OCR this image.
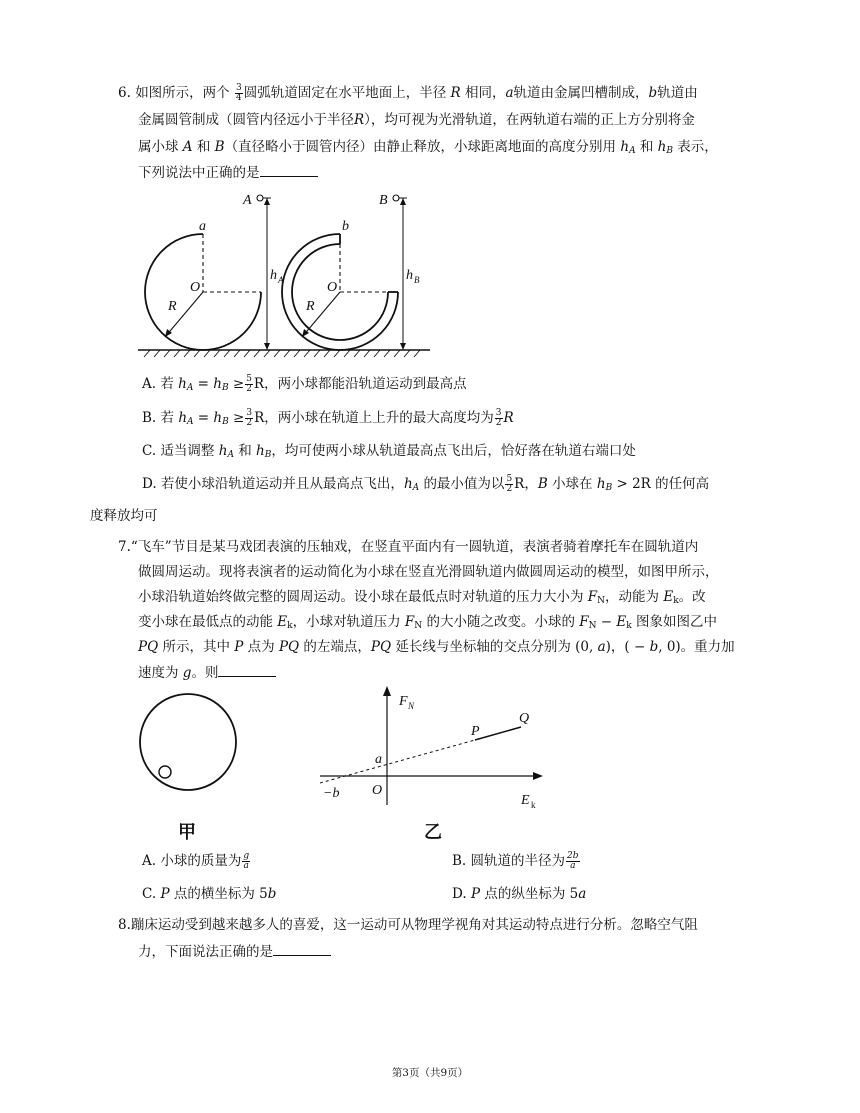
6. 如图所示，两个 $\frac{3}{4}$ 圆弧轨道固定在水平地面上，半径 R 相同，a轨道由金属凹槽制成，b轨道由
金属圆管制成（圆管内径远小于半径R），均可视为光滑轨道，在两轨道右端的正上方分别将金
属小球 A 和 B（直径略小于圆管内径）由静止释放，小球距离地面的高度分别用 $h_A$ 和 $h_B$ 表示，
下列说法中正确的是
A	B
a	b
O	O
R	R
h A	h B
A. 若 $h_A = h_B \ge \frac{5}{2}$ R，两小球都能沿轨道运动到最高点
B. 若 $h_A = h_B \ge \frac{3}{2}$ R，两小球在轨道上上升的最大高度均为 $\frac{3}{2}$ R
C. 适当调整 $h_A$ 和 $h_B$，均可使两小球从轨道最高点飞出后，恰好落在轨道右端口处
D. 若使小球沿轨道运动并且从最高点飞出，$h_A$ 的最小值为以 $\frac{5}{2}$ R，B 小球在 $h_B > 2R$ 的任何高
度释放均可
7.“飞车”节目是某马戏团表演的压轴戏，在竖直平面内有一圆轨道，表演者骑着摩托车在圆轨道内
做圆周运动。现将表演者的运动简化为小球在竖直光滑圆轨道内做圆周运动的模型，如图甲所示，
小球沿轨道始终做完整的圆周运动。设小球在最低点时对轨道的压力大小为 $F_N$，动能为 $E_k$。改
变小球在最低点的动能 $E_k$，小球对轨道压力 $F_N$ 的大小随之改变。小球的 $F_N - E_k$ 图象如图乙中
PQ 所示，其中 P 点为 PQ 的左端点，PQ 延长线与坐标轴的交点分别为 (0, a)，( − b, 0)。重力加
速度为 g。则
甲
F N
E k
P
Q
a
O
−b
乙
A. 小球的质量为 $\frac{g}{a}$	B. 圆轨道的半径为 $\frac{2b}{a}$
C. P 点的横坐标为 5b	D. P 点的纵坐标为 5a
8.蹦床运动受到越来越多人的喜爱，这一运动可从物理学视角对其运动特点进行分析。忽略空气阻
力，下面说法正确的是
第3页（共9页）
